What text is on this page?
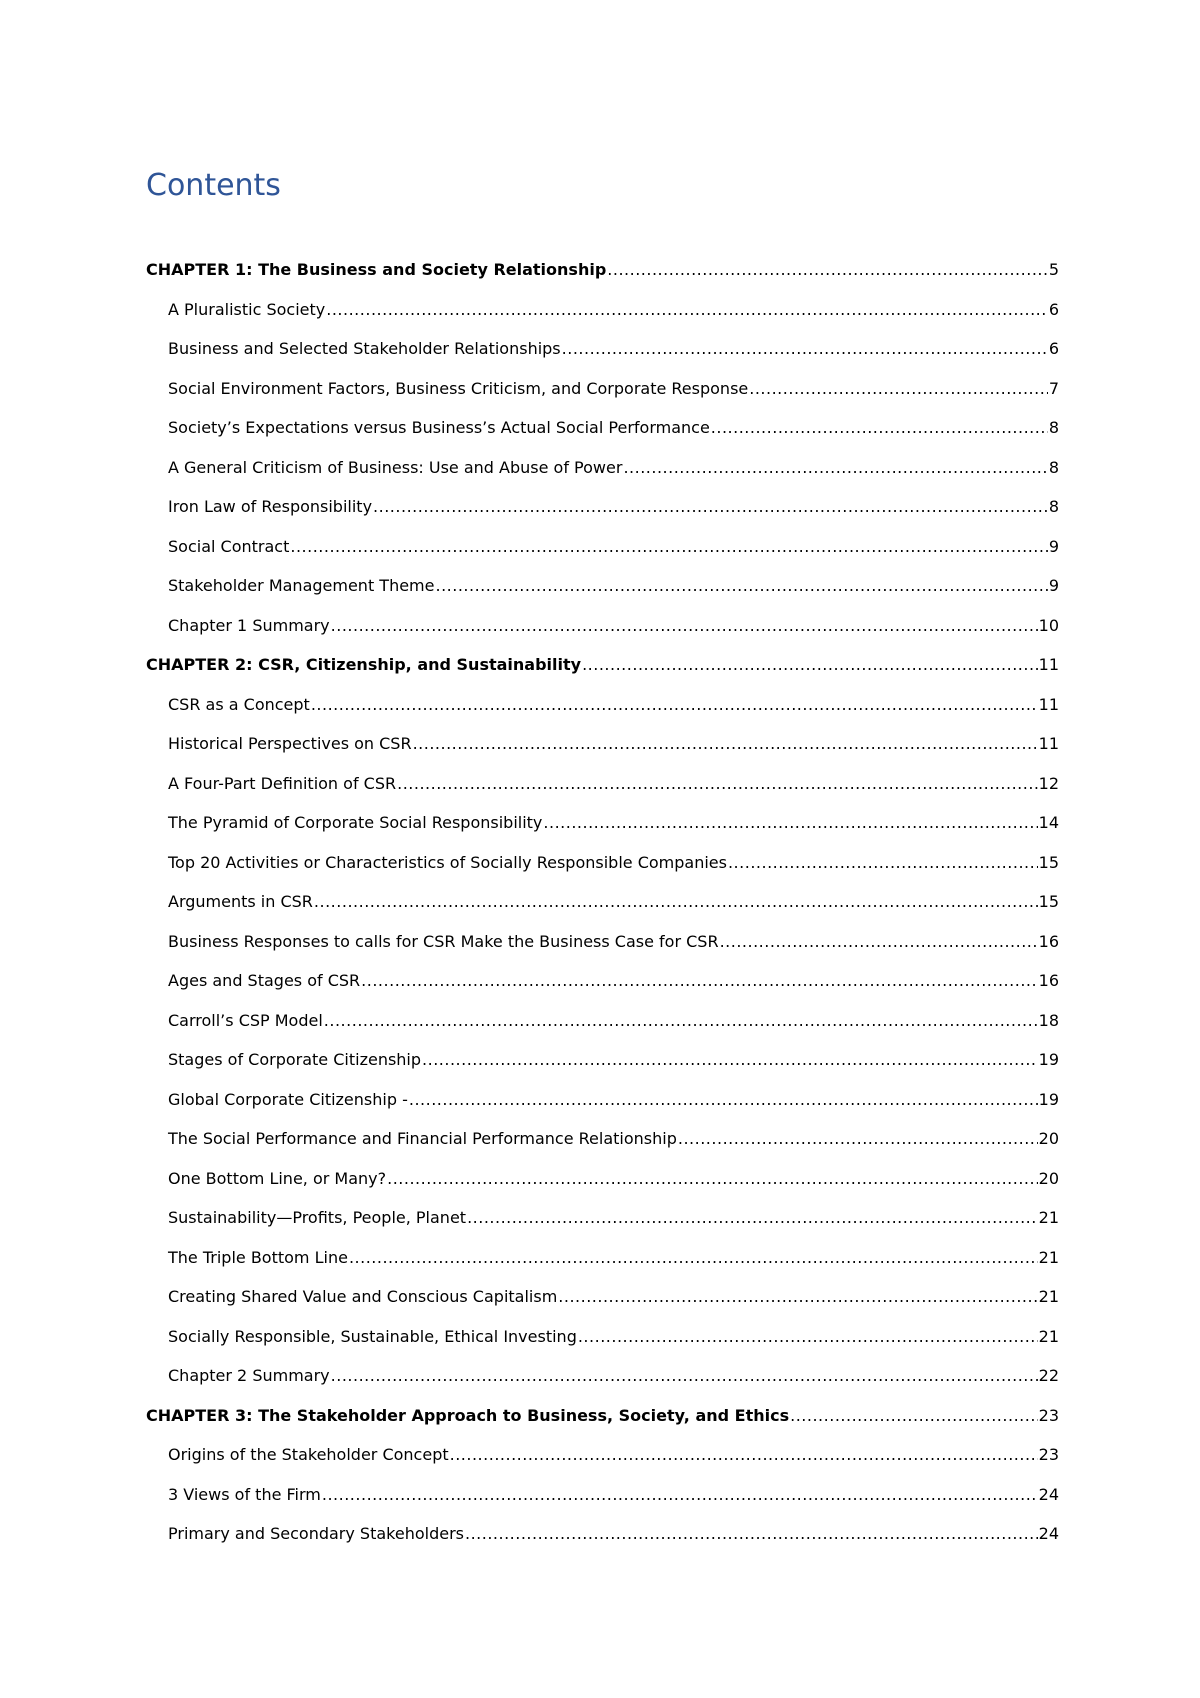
Contents
CHAPTER 1: The Business and Society Relationship .....	5
A Pluralistic Society .....	6
Business and Selected Stakeholder Relationships .....	6
Social Environment Factors, Business Criticism, and Corporate Response .....	7
Society’s Expectations versus Business’s Actual Social Performance .....	8
A General Criticism of Business: Use and Abuse of Power .....	8
Iron Law of Responsibility .....	8
Social Contract .....	9
Stakeholder Management Theme .....	9
Chapter 1 Summary .....	10
CHAPTER 2: CSR, Citizenship, and Sustainability .....	11
CSR as a Concept .....	11
Historical Perspectives on CSR .....	11
A Four-Part Definition of CSR .....	12
The Pyramid of Corporate Social Responsibility .....	14
Top 20 Activities or Characteristics of Socially Responsible Companies .....	15
Arguments in CSR .....	15
Business Responses to calls for CSR Make the Business Case for CSR .....	16
Ages and Stages of CSR .....	16
Carroll’s CSP Model .....	18
Stages of Corporate Citizenship .....	19
Global Corporate Citizenship - .....	19
The Social Performance and Financial Performance Relationship .....	20
One Bottom Line, or Many? .....	20
Sustainability—Profits, People, Planet .....	21
The Triple Bottom Line .....	21
Creating Shared Value and Conscious Capitalism .....	21
Socially Responsible, Sustainable, Ethical Investing .....	21
Chapter 2 Summary .....	22
CHAPTER 3: The Stakeholder Approach to Business, Society, and Ethics .....	23
Origins of the Stakeholder Concept .....	23
3 Views of the Firm .....	24
Primary and Secondary Stakeholders .....	24
